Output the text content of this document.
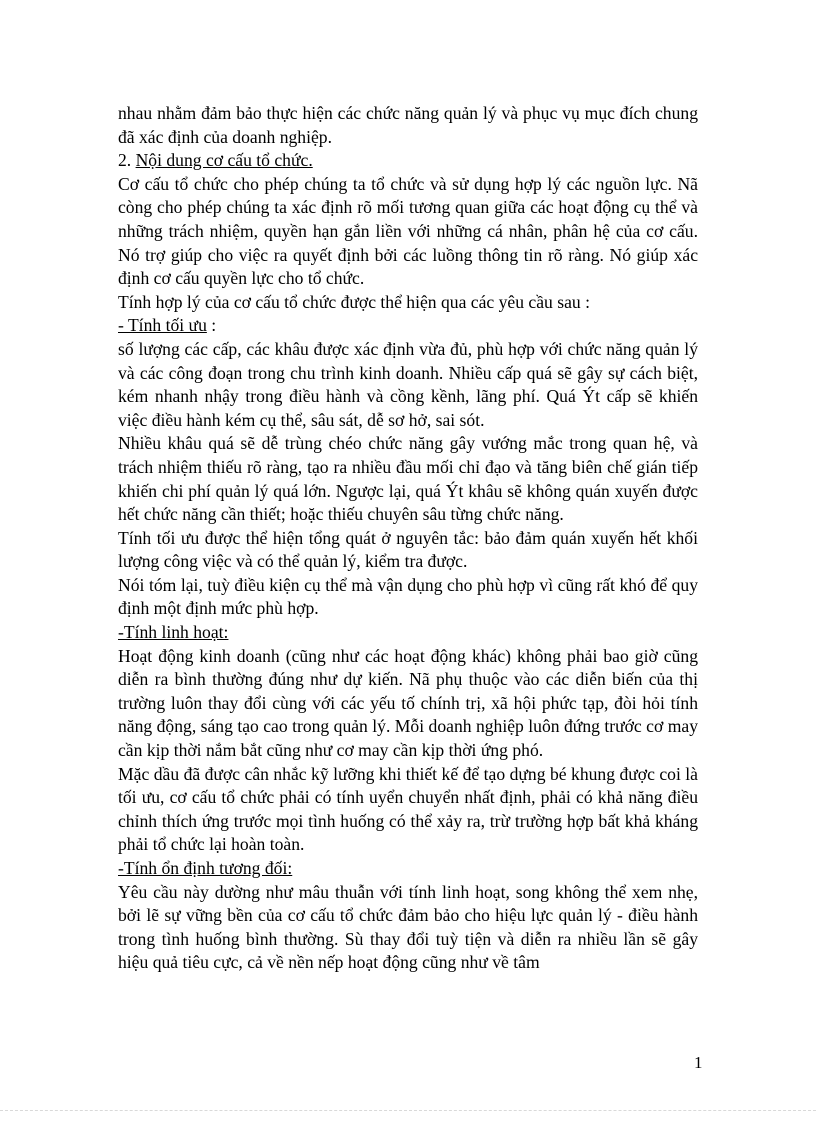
nhau nhằm đảm bảo thực hiện các chức năng quản lý và phục vụ mục đích chung đã xác định của doanh nghiệp.

2. Nội dung cơ cấu tổ chức.

Cơ cấu tổ chức cho phép chúng ta tổ chức và sử dụng hợp lý các nguồn lực. Nã còng cho phép chúng ta xác định rõ mối tương quan giữa các hoạt động cụ thể và những trách nhiệm, quyền hạn gắn liền với những cá nhân, phân hệ của cơ cấu. Nó trợ giúp cho việc ra quyết định bởi các luồng thông tin rõ ràng. Nó giúp xác định cơ cấu quyền lực cho tổ chức.

Tính hợp lý của cơ cấu tổ chức được thể hiện qua các yêu cầu sau :

- Tính tối ưu :

số lượng các cấp, các khâu được xác định vừa đủ, phù hợp với chức năng quản lý và các công đoạn trong chu trình kinh doanh. Nhiều cấp quá sẽ gây sự cách biệt, kém nhanh nhậy trong điều hành và cồng kềnh, lãng phí. Quá Ýt cấp sẽ khiến việc điều hành kém cụ thể, sâu sát, dễ sơ hở, sai sót.

Nhiều khâu quá sẽ dễ trùng chéo chức năng gây vướng mắc trong quan hệ, và trách nhiệm thiếu rõ ràng, tạo ra nhiều đầu mối chỉ đạo và tăng biên chế gián tiếp khiến chi phí quản lý quá lớn. Ngược lại, quá Ýt khâu sẽ không quán xuyến được hết chức năng cần thiết; hoặc thiếu chuyên sâu từng chức năng.

Tính tối ưu được thể hiện tổng quát ở nguyên tắc: bảo đảm quán xuyến hết khối lượng công việc và có thể quản lý, kiểm tra được.

Nói tóm lại, tuỳ điều kiện cụ thể mà vận dụng cho phù hợp vì cũng rất khó để quy định một định mức phù hợp.

-Tính linh hoạt:

Hoạt động kinh doanh (cũng như các hoạt động khác) không phải bao giờ cũng diễn ra bình thường đúng như dự kiến. Nã phụ thuộc vào các diễn biến của thị trường luôn thay đổi cùng với các yếu tố chính trị, xã hội phức tạp, đòi hỏi tính năng động, sáng tạo cao trong quản lý. Mỗi doanh nghiệp luôn đứng trước cơ may cần kịp thời nắm bắt cũng như cơ may cần kịp thời ứng phó.

Mặc dầu đã được cân nhắc kỹ lưỡng khi thiết kế để tạo dựng bé khung được coi là tối ưu, cơ cấu tổ chức phải có tính uyển chuyển nhất định, phải có khả năng điều chỉnh thích ứng trước mọi tình huống có thể xảy ra, trừ trường hợp bất khả kháng phải tổ chức lại hoàn toàn.

-Tính ổn định tương đối:

Yêu cầu này dường như mâu thuẫn với tính linh hoạt, song không thể xem nhẹ, bởi lẽ sự vững bền của cơ cấu tổ chức đảm bảo cho hiệu lực quản lý - điều hành trong tình huống bình thường. Sù thay đổi tuỳ tiện và diễn ra nhiều lần sẽ gây hiệu quả tiêu cực, cả về nền nếp hoạt động cũng như về tâm

1
